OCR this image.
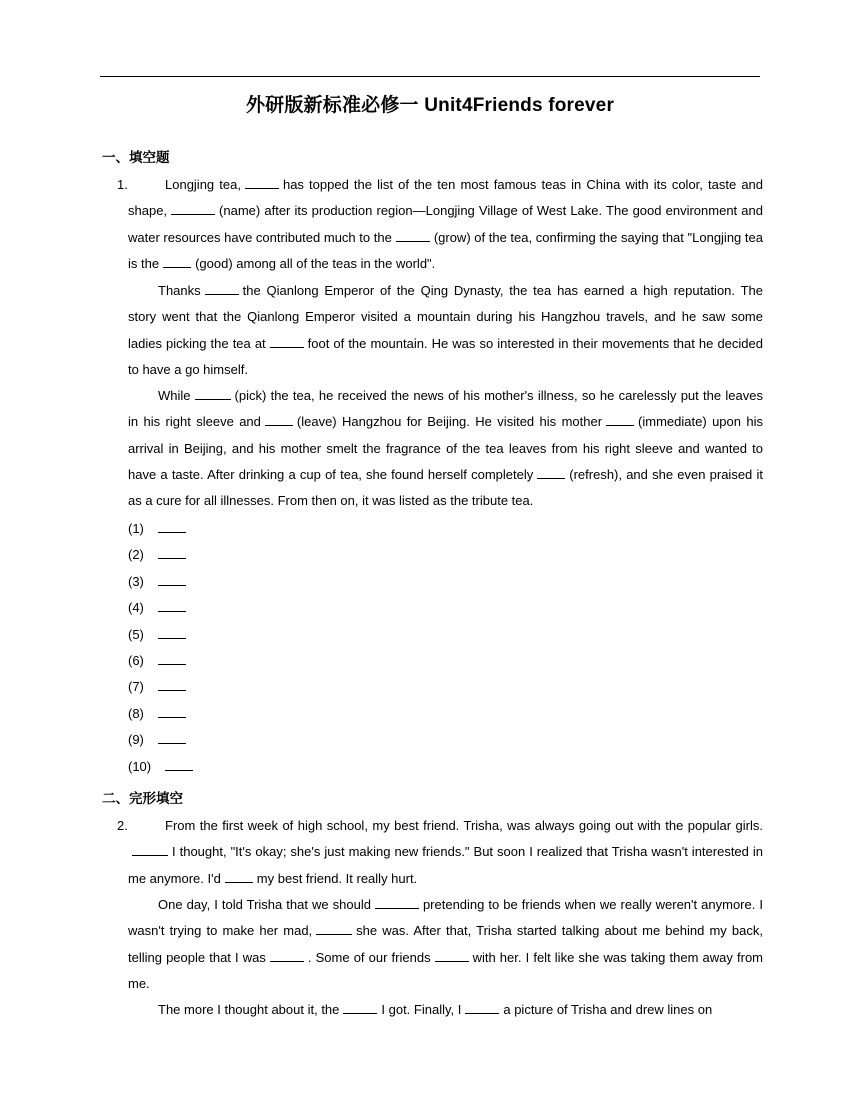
外研版新标准必修一 Unit4Friends forever
一、填空题
1.	Longjing tea,	has topped the list of the ten most famous teas in China with its color, taste and shape,	(name) after its production region—Longjing Village of West Lake. The good environment and water resources have contributed much to the	(grow) of the tea, confirming the saying that "Longjing tea is the	(good) among all of the teas in the world".
Thanks	the Qianlong Emperor of the Qing Dynasty, the tea has earned a high reputation. The story went that the Qianlong Emperor visited a mountain during his Hangzhou travels, and he saw some ladies picking the tea at	foot of the mountain. He was so interested in their movements that he decided to have a go himself.
While	(pick) the tea, he received the news of his mother's illness, so he carelessly put the leaves in his right sleeve and	(leave) Hangzhou for Beijing. He visited his mother	(immediate) upon his arrival in Beijing, and his mother smelt the fragrance of the tea leaves from his right sleeve and wanted to have a taste. After drinking a cup of tea, she found herself completely	(refresh), and she even praised it as a cure for all illnesses. From then on, it was listed as the tribute tea.
(1)
(2)
(3)
(4)
(5)
(6)
(7)
(8)
(9)
(10)
二、完形填空
2.	From the first week of high school, my best friend. Trisha, was always going out with the popular girls.I thought, "It's okay; she's just making new friends." But soon I realized that Trisha wasn't interested in me anymore. I'd	my best friend. It really hurt.
One day, I told Trisha that we should	pretending to be friends when we really weren't anymore. I wasn't trying to make her mad,	she was. After that, Trisha started talking about me behind my back, telling people that I was	. Some of our friends	with her. I felt like she was taking them away from me.
The more I thought about it, the	I got. Finally, I	a picture of Trisha and drew lines on
